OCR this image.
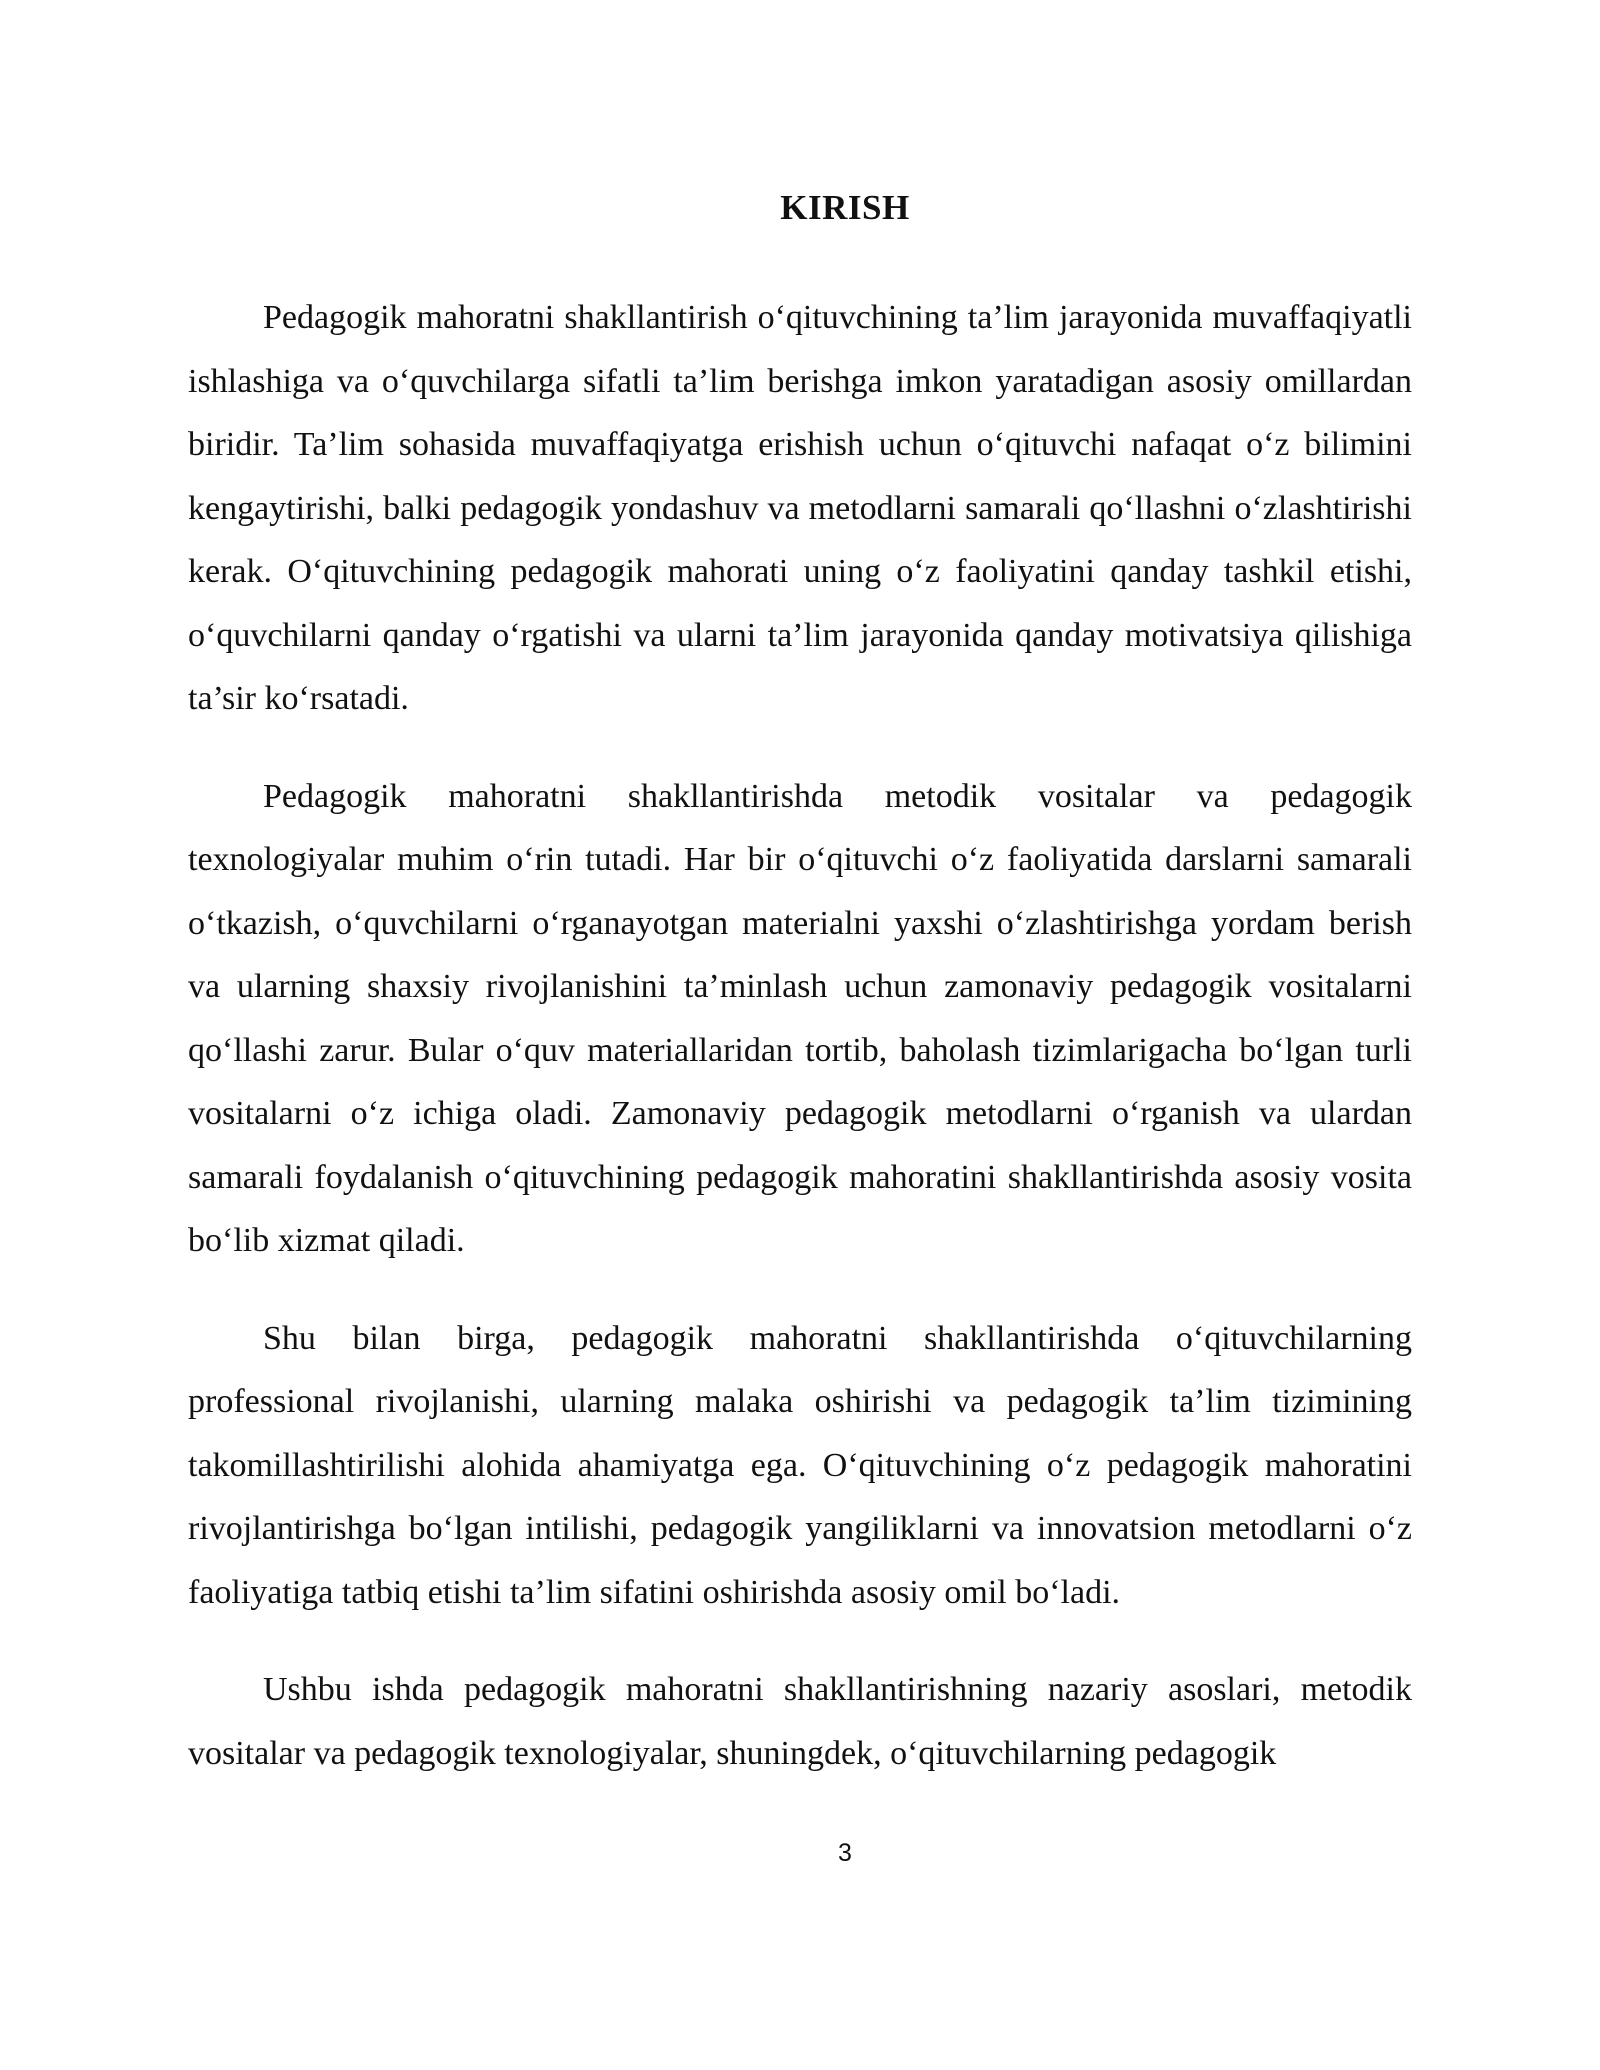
KIRISH

Pedagogik mahoratni shakllantirish o‘qituvchining ta’lim jarayonida muvaffaqiyatli ishlashiga va o‘quvchilarga sifatli ta’lim berishga imkon yaratadigan asosiy omillardan biridir. Ta’lim sohasida muvaffaqiyatga erishish uchun o‘qituvchi nafaqat o‘z bilimini kengaytirishi, balki pedagogik yondashuv va metodlarni samarali qo‘llashni o‘zlashtirishi kerak. O‘qituvchining pedagogik mahorati uning o‘z faoliyatini qanday tashkil etishi, o‘quvchilarni qanday o‘rgatishi va ularni ta’lim jarayonida qanday motivatsiya qilishiga ta’sir ko‘rsatadi.

Pedagogik mahoratni shakllantirishda metodik vositalar va pedagogik texnologiyalar muhim o‘rin tutadi. Har bir o‘qituvchi o‘z faoliyatida darslarni samarali o‘tkazish, o‘quvchilarni o‘rganayotgan materialni yaxshi o‘zlashtirishga yordam berish va ularning shaxsiy rivojlanishini ta’minlash uchun zamonaviy pedagogik vositalarni qo‘llashi zarur. Bular o‘quv materiallaridan tortib, baholash tizimlarigacha bo‘lgan turli vositalarni o‘z ichiga oladi. Zamonaviy pedagogik metodlarni o‘rganish va ulardan samarali foydalanish o‘qituvchining pedagogik mahoratini shakllantirishda asosiy vosita bo‘lib xizmat qiladi.

Shu bilan birga, pedagogik mahoratni shakllantirishda o‘qituvchilarning professional rivojlanishi, ularning malaka oshirishi va pedagogik ta’lim tizimining takomillashtirilishi alohida ahamiyatga ega. O‘qituvchining o‘z pedagogik mahoratini rivojlantirishga bo‘lgan intilishi, pedagogik yangiliklarni va innovatsion metodlarni o‘z faoliyatiga tatbiq etishi ta’lim sifatini oshirishda asosiy omil bo‘ladi.

Ushbu ishda pedagogik mahoratni shakllantirishning nazariy asoslari, metodik vositalar va pedagogik texnologiyalar, shuningdek, o‘qituvchilarning pedagogik

3
